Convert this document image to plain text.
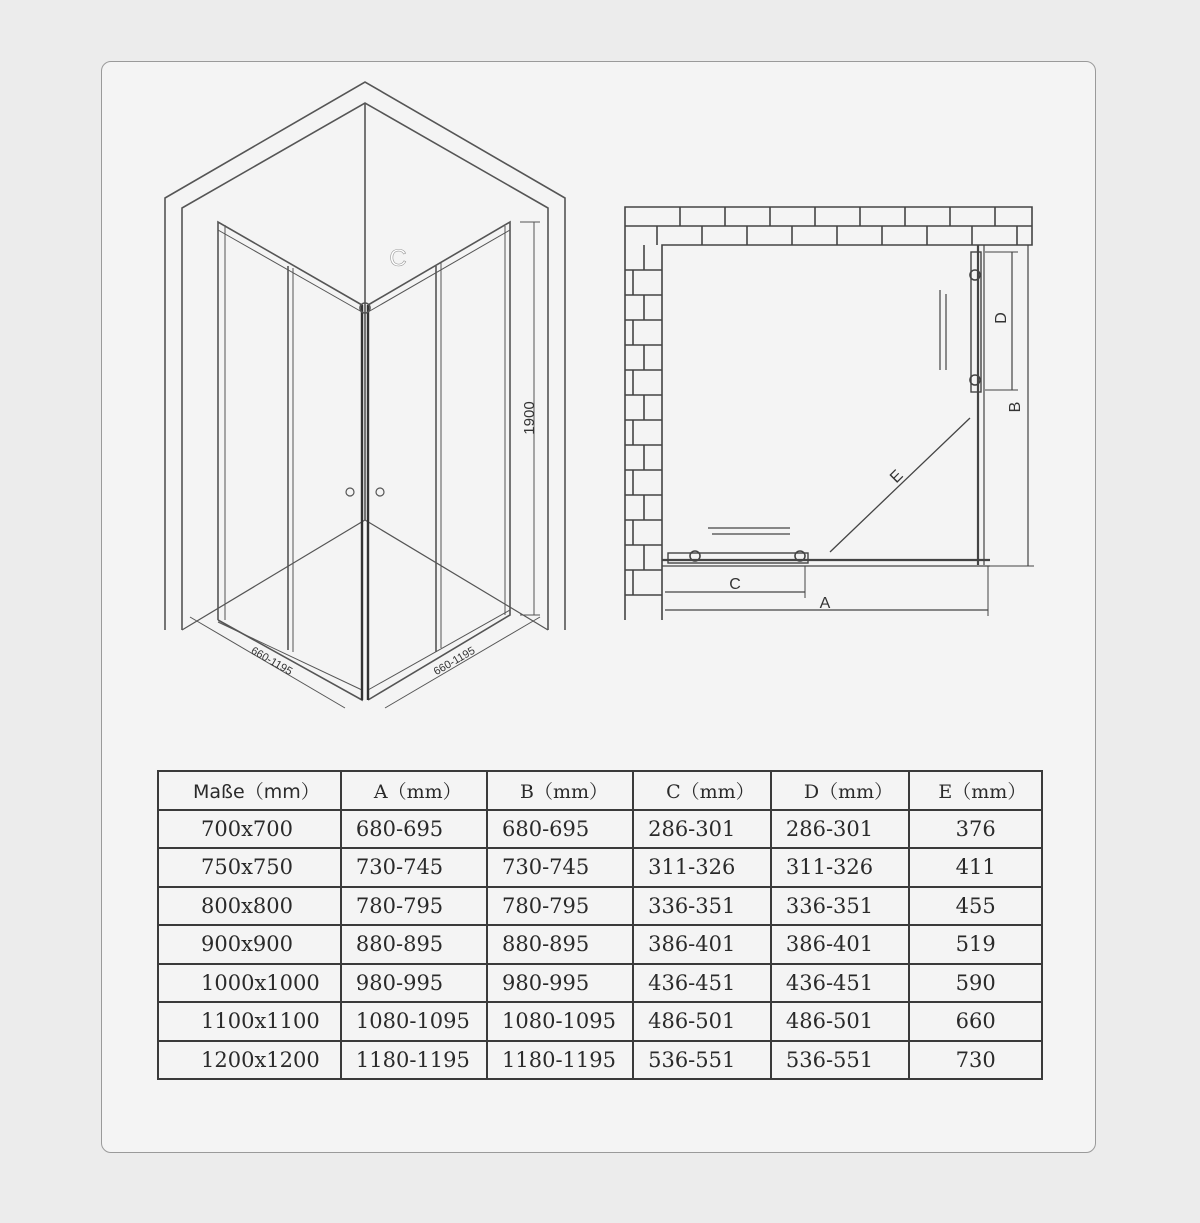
1900
C
660-1195	660-1195
A
C
B
D
E
Maße（mm）	A（mm）	B（mm）	C（mm）	D（mm）	E（mm）
700x700	680-695	680-695	286-301	286-301	376
750x750	730-745	730-745	311-326	311-326	411
800x800	780-795	780-795	336-351	336-351	455
900x900	880-895	880-895	386-401	386-401	519
1000x1000	980-995	980-995	436-451	436-451	590
1100x1100	1080-1095	1080-1095	486-501	486-501	660
1200x1200	1180-1195	1180-1195	536-551	536-551	730
